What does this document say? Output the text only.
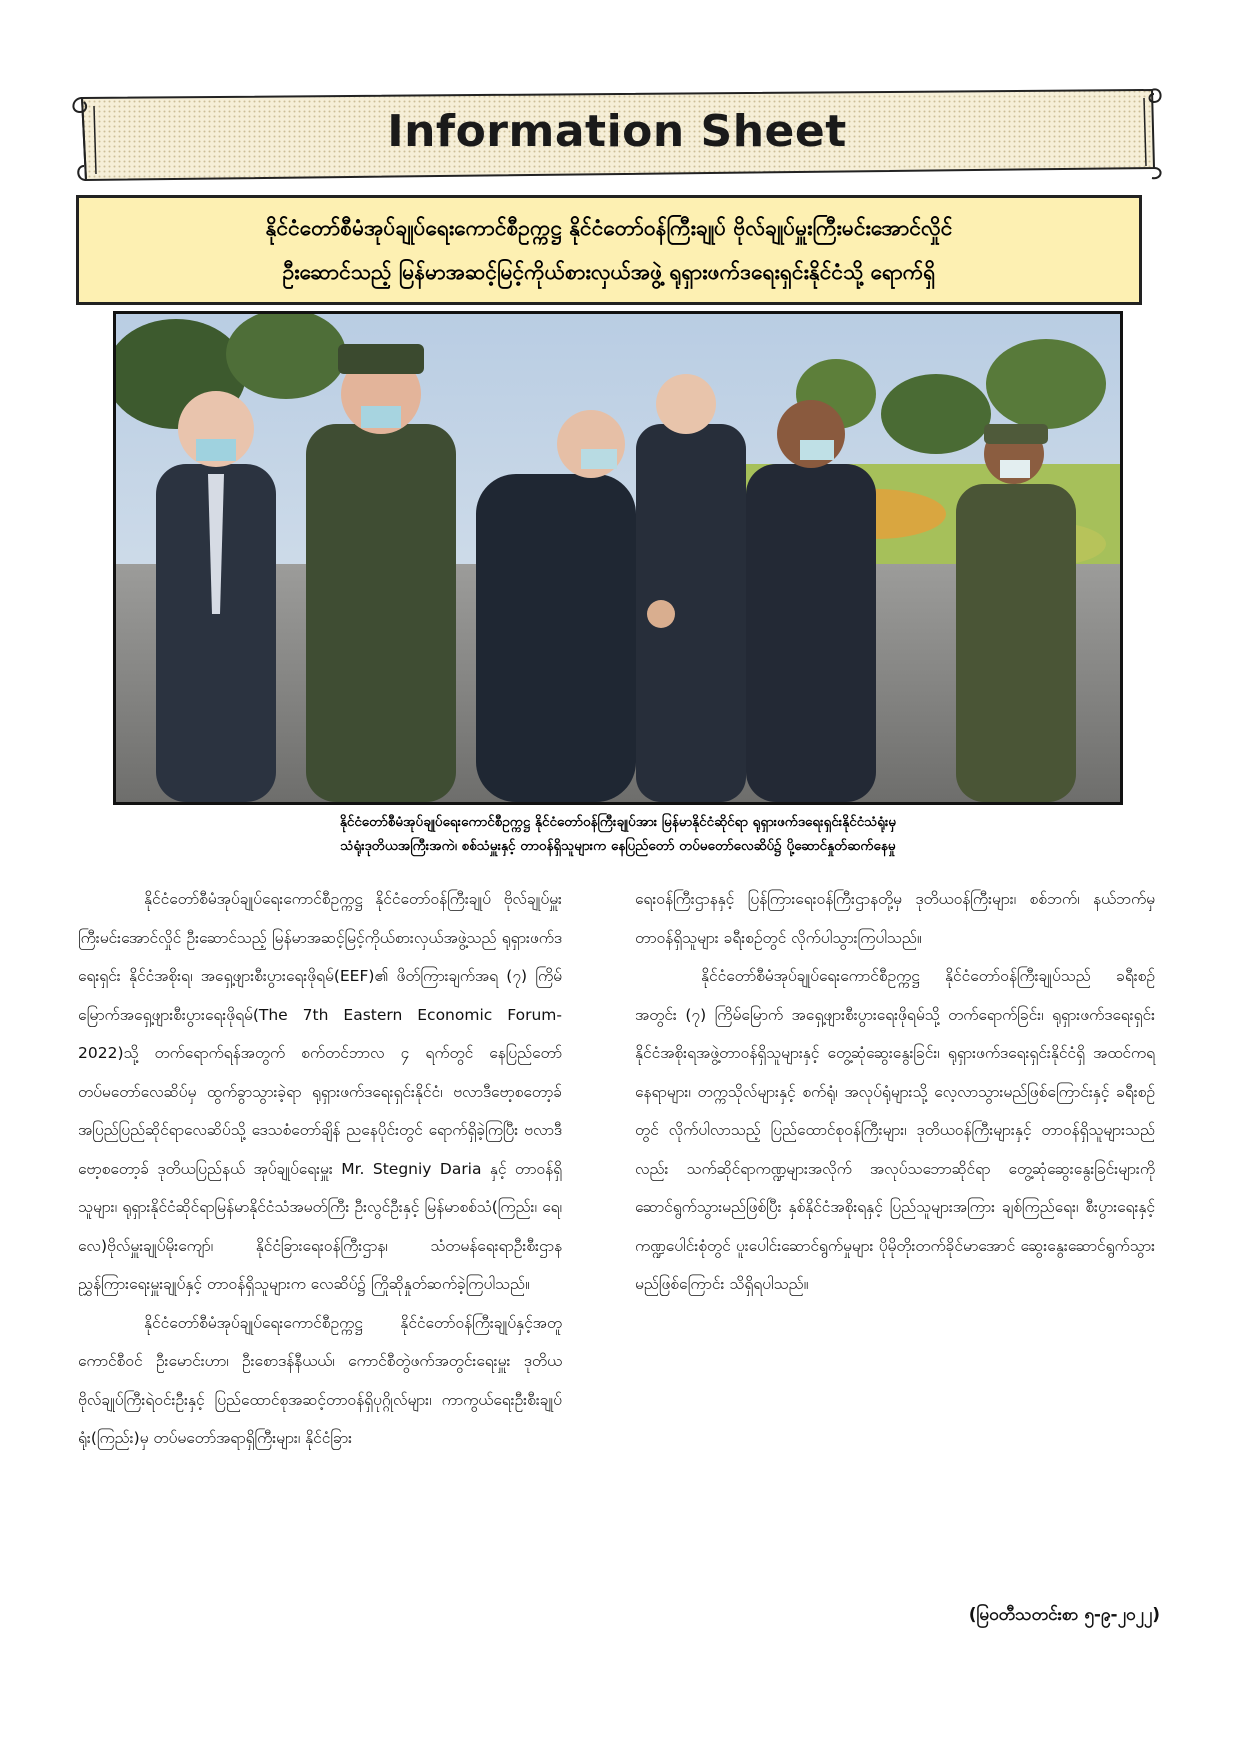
Information Sheet
နိုင်ငံတော်စီမံအုပ်ချုပ်ရေးကောင်စီဥက္ကဋ္ဌ နိုင်ငံတော်ဝန်ကြီးချုပ် ဗိုလ်ချုပ်မှူးကြီးမင်းအောင်လှိုင်
ဦးဆောင်သည့် မြန်မာအဆင့်မြင့်ကိုယ်စားလှယ်အဖွဲ့ ရုရှားဖက်ဒရေးရှင်းနိုင်ငံသို့ ရောက်ရှိ
နိုင်ငံတော်စီမံအုပ်ချုပ်ရေးကောင်စီဥက္ကဋ္ဌ နိုင်ငံတော်ဝန်ကြီးချုပ်အား မြန်မာနိုင်ငံဆိုင်ရာ ရုရှားဖက်ဒရေးရှင်းနိုင်ငံသံရုံးမှ
သံရုံးဒုတိယအကြီးအကဲ၊ စစ်သံမှူးနှင့် တာဝန်ရှိသူများက နေပြည်တော် တပ်မတော်လေဆိပ်၌ ပို့ဆောင်နှုတ်ဆက်နေမှု

နိုင်ငံတော်စီမံအုပ်ချုပ်ရေးကောင်စီဥက္ကဋ္ဌ နိုင်ငံတော်ဝန်ကြီးချုပ် ဗိုလ်ချုပ်မှူးကြီးမင်းအောင်လှိုင် ဦးဆောင်သည့် မြန်မာအဆင့်မြင့်ကိုယ်စားလှယ်အဖွဲ့သည် ရုရှားဖက်ဒရေးရှင်း နိုင်ငံအစိုးရ၊ အရှေ့ဖျားစီးပွားရေးဖိုရမ်(EEF)၏ ဖိတ်ကြားချက်အရ (၇) ကြိမ်မြောက်အရှေ့ဖျားစီးပွားရေးဖိုရမ်(The 7th Eastern Economic Forum-2022)သို့ တက်ရောက်ရန်အတွက် စက်တင်ဘာလ ၄ ရက်တွင် နေပြည်တော် တပ်မတော်လေဆိပ်မှ ထွက်ခွာသွားခဲ့ရာ ရုရှားဖက်ဒရေးရှင်းနိုင်ငံ၊ ဗလာဒီဗော့စတော့ခ် အပြည်ပြည်ဆိုင်ရာလေဆိပ်သို့ ဒေသစံတော်ချိန် ညနေပိုင်းတွင် ရောက်ရှိခဲ့ကြပြီး ဗလာဒီဗော့စတော့ခ် ဒုတိယပြည်နယ် အုပ်ချုပ်ရေးမှူး Mr. Stegniy Daria နှင့် တာဝန်ရှိသူများ၊ ရုရှားနိုင်ငံဆိုင်ရာမြန်မာနိုင်ငံသံအမတ်ကြီး ဦးလွင်ဦးနှင့် မြန်မာစစ်သံ(ကြည်း၊ ရေ၊ လေ)ဗိုလ်မှူးချုပ်မိုးကျော်၊ နိုင်ငံခြားရေးဝန်ကြီးဌာန၊ သံတမန်ရေးရာဦးစီးဌာန ညွှန်ကြားရေးမှူးချုပ်နှင့် တာဝန်ရှိသူများက လေဆိပ်၌ ကြိုဆိုနှုတ်ဆက်ခဲ့ကြပါသည်။

နိုင်ငံတော်စီမံအုပ်ချုပ်ရေးကောင်စီဥက္ကဋ္ဌ နိုင်ငံတော်ဝန်ကြီးချုပ်နှင့်အတူ ကောင်စီဝင် ဦးမောင်းဟာ၊ ဦးစောဒန်နီယယ်၊ ကောင်စီတွဲဖက်အတွင်းရေးမှူး ဒုတိယဗိုလ်ချုပ်ကြီးရဲဝင်းဦးနှင့် ပြည်ထောင်စုအဆင့်တာဝန်ရှိပုဂ္ဂိုလ်များ၊ ကာကွယ်ရေးဦးစီးချုပ်ရုံး(ကြည်း)မှ တပ်မတော်အရာရှိကြီးများ၊ နိုင်ငံခြား

ရေးဝန်ကြီးဌာနနှင့် ပြန်ကြားရေးဝန်ကြီးဌာနတို့မှ ဒုတိယဝန်ကြီးများ၊ စစ်ဘက်၊ နယ်ဘက်မှ တာဝန်ရှိသူများ ခရီးစဉ်တွင် လိုက်ပါသွားကြပါသည်။

နိုင်ငံတော်စီမံအုပ်ချုပ်ရေးကောင်စီဥက္ကဋ္ဌ နိုင်ငံတော်ဝန်ကြီးချုပ်သည် ခရီးစဉ်အတွင်း (၇) ကြိမ်မြောက် အရှေ့ဖျားစီးပွားရေးဖိုရမ်သို့ တက်ရောက်ခြင်း၊ ရုရှားဖက်ဒရေးရှင်းနိုင်ငံအစိုးရအဖွဲ့တာဝန်ရှိသူများနှင့် တွေ့ဆုံဆွေးနွေးခြင်း၊ ရုရှားဖက်ဒရေးရှင်းနိုင်ငံရှိ အထင်ကရနေရာများ၊ တက္ကသိုလ်များနှင့် စက်ရုံ၊ အလုပ်ရုံများသို့ လေ့လာသွားမည်ဖြစ်ကြောင်းနှင့် ခရီးစဉ်တွင် လိုက်ပါလာသည့် ပြည်ထောင်စုဝန်ကြီးများ၊ ဒုတိယဝန်ကြီးများနှင့် တာဝန်ရှိသူများသည်လည်း သက်ဆိုင်ရာကဏ္ဍများအလိုက် အလုပ်သဘောဆိုင်ရာ တွေ့ဆုံဆွေးနွေးခြင်းများကို ဆောင်ရွက်သွားမည်ဖြစ်ပြီး နှစ်နိုင်ငံအစိုးရနှင့် ပြည်သူများအကြား ချစ်ကြည်ရေး၊ စီးပွားရေးနှင့် ကဏ္ဍပေါင်းစုံတွင် ပူးပေါင်းဆောင်ရွက်မှုများ ပိုမိုတိုးတက်ခိုင်မာအောင် ဆွေးနွေးဆောင်ရွက်သွားမည်ဖြစ်ကြောင်း သိရှိရပါသည်။

(မြဝတီသတင်းစာ ၅-၉-၂၀၂၂)
